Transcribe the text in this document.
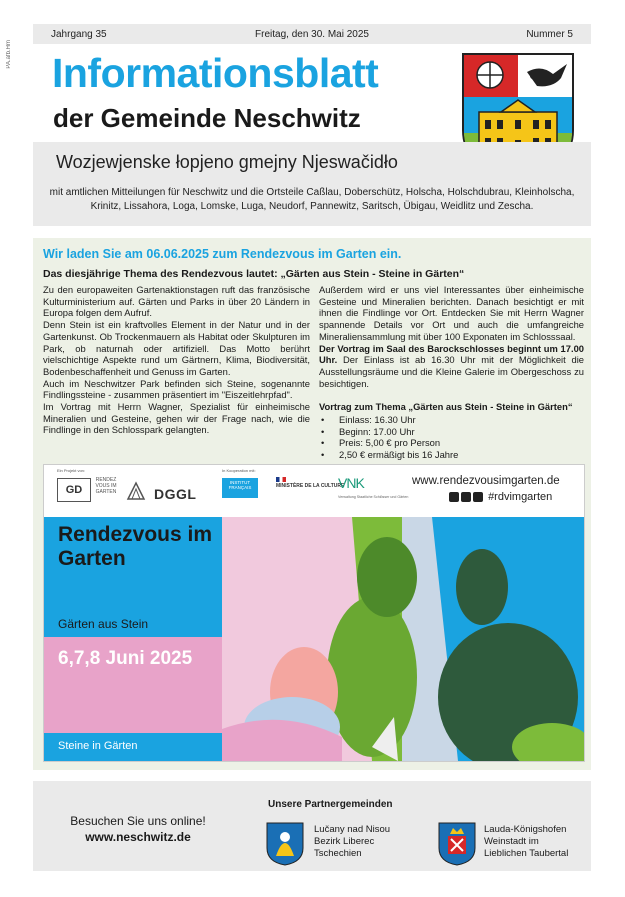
PA.afb.Hm
Jahrgang 35	Freitag, den 30. Mai 2025	Nummer 5
Informationsblatt
der Gemeinde Neschwitz
Wozjewjenske łopjeno gmejny Njeswačidło
mit amtlichen Mitteilungen für Neschwitz und die Ortsteile Caßlau, Doberschütz, Holscha, Holschdubrau, Kleinholscha, Krinitz, Lissahora, Loga, Lomske, Luga, Neudorf, Pannewitz, Saritsch, Übigau, Weidlitz und Zescha.
Wir laden Sie am 06.06.2025 zum Rendezvous im Garten ein.
Das diesjährige Thema des Rendezvous lautet: „Gärten aus Stein - Steine in Gärten“

Zu den europaweiten Gartenaktionstagen ruft das französische Kulturministerium auf. Gärten und Parks in über 20 Ländern in Europa folgen dem Aufruf.

Denn Stein ist ein kraftvolles Element in der Natur und in der Gartenkunst. Ob Trockenmauern als Habitat oder Skulpturen im Park, ob naturnah oder artifiziell. Das Motto berührt vielschichtige Aspekte rund um Gärtnern, Klima, Biodiversität, Bodenbeschaffenheit und Genuss im Garten.

Auch im Neschwitzer Park befinden sich Steine, sogenannte Findlingssteine - zusammen präsentiert im "Eiszeitlehrpfad".

Im Vortrag mit Herrn Wagner, Spezialist für einheimische Mineralien und Gesteine, gehen wir der Frage nach, wie die Findlinge in den Schlosspark gelangten.

Außerdem wird er uns viel Interessantes über einheimische Gesteine und Mineralien berichten. Danach besichtigt er mit ihnen die Findlinge vor Ort. Entdecken Sie mit Herrn Wagner spannende Details vor Ort und auch die umfangreiche Mineraliensammlung mit über 100 Exponaten im Schlosssaal.

Der Vortrag im Saal des Barockschlosses beginnt um 17.00 Uhr. Der Einlass ist ab 16.30 Uhr mit der Möglichkeit die Ausstellungsräume und die Kleine Galerie im Obergeschoss zu besichtigen.

Vortrag zum Thema „Gärten aus Stein - Steine in Gärten“

• Einlass: 16.30 Uhr
• Beginn: 17.00 Uhr
• Preis: 5,00 € pro Person
• 2,50 € ermäßigt bis 16 Jahre
Ein Projekt von:	In Kooperation mit:
GD
RENDEZ VOUS IM GARTEN	DGGL
INSTITUT FRANÇAIS	MINISTÈRE DE LA CULTURE
VNK
Verwaltung Staatliche Schlösser und Gärten
www.rendezvousimgarten.de
#rdvimgarten
Rendezvous im Garten
Gärten aus Stein
6,7,8 Juni 2025
Steine in Gärten
Besuchen Sie uns online!
www.neschwitz.de
Unsere Partnergemeinden
Lučany nad Nisou
Bezirk Liberec
Tschechien
Lauda-Königshofen
Weinstadt im
Lieblichen Taubertal
